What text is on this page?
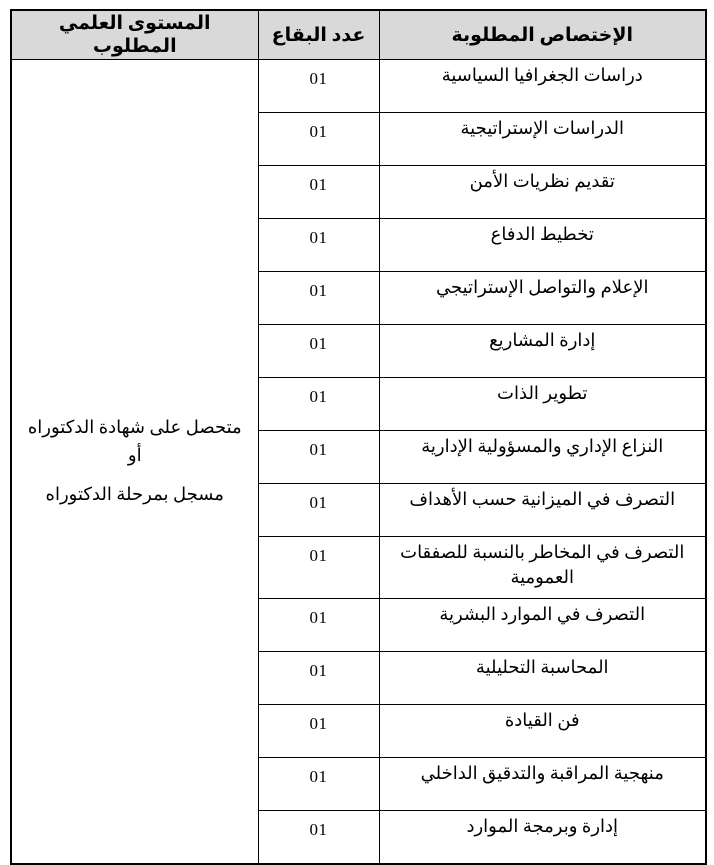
الإختصاص المطلوبة	عدد البقاع	المستوى العلمي المطلوب
دراسات الجغرافيا السياسية	01	متحصل على شهادة الدكتوراه
أو
مسجل بمرحلة الدكتوراه

الدراسات الإستراتيجية	01	
تقديم نظريات الأمن	01	
تخطيط الدفاع	01	
الإعلام والتواصل الإستراتيجي	01	
إدارة المشاريع	01	
تطوير الذات	01	
النزاع الإداري والمسؤولية الإدارية	01	
التصرف في الميزانية حسب الأهداف	01	
التصرف في المخاطر بالنسبة للصفقات العمومية	01	
التصرف في الموارد البشرية	01	
المحاسبة التحليلية	01	
فن القيادة	01	
منهجية المراقبة والتدقيق الداخلي	01	
إدارة وبرمجة الموارد	01	
